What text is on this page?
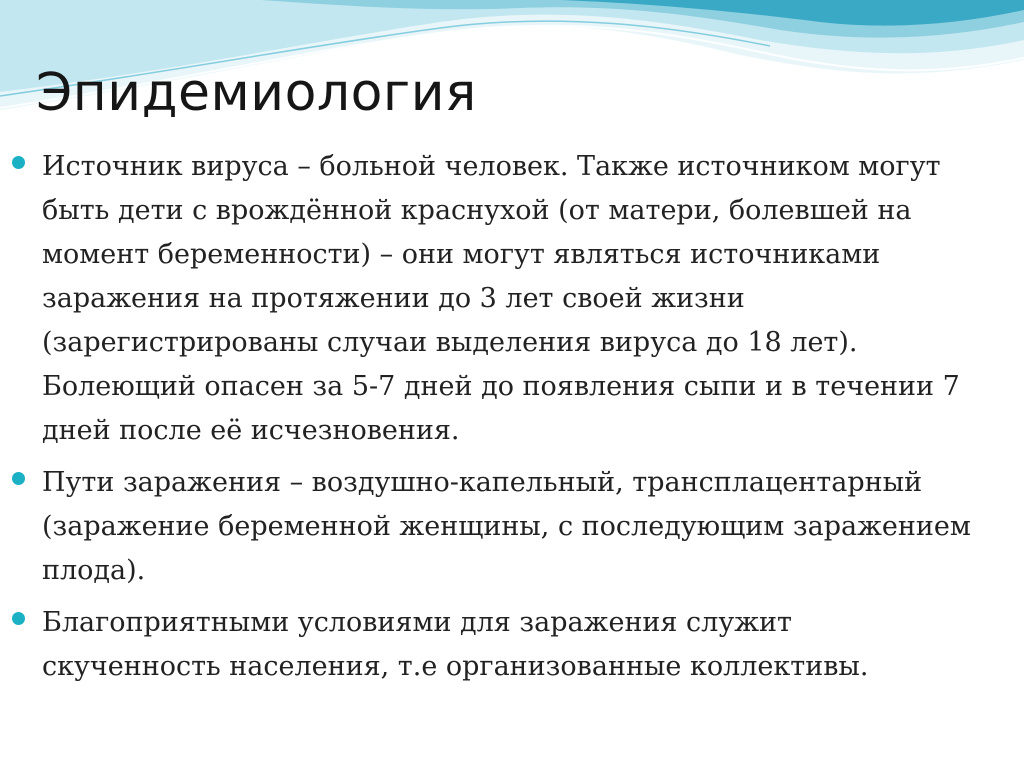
Эпидемиология
Источник вируса – больной человек. Также источником могут быть дети с врождённой краснухой (от матери, болевшей на момент беременности) – они могут являться источниками заражения на протяжении до 3 лет своей жизни (зарегистрированы случаи выделения вируса до 18 лет). Болеющий опасен за 5-7 дней до появления сыпи и в течении 7 дней после её исчезновения.
Пути заражения – воздушно-капельный, трансплацентарный (заражение беременной женщины, с последующим заражением плода).
Благоприятными условиями для заражения служит скученность населения, т.е организованные коллективы.
